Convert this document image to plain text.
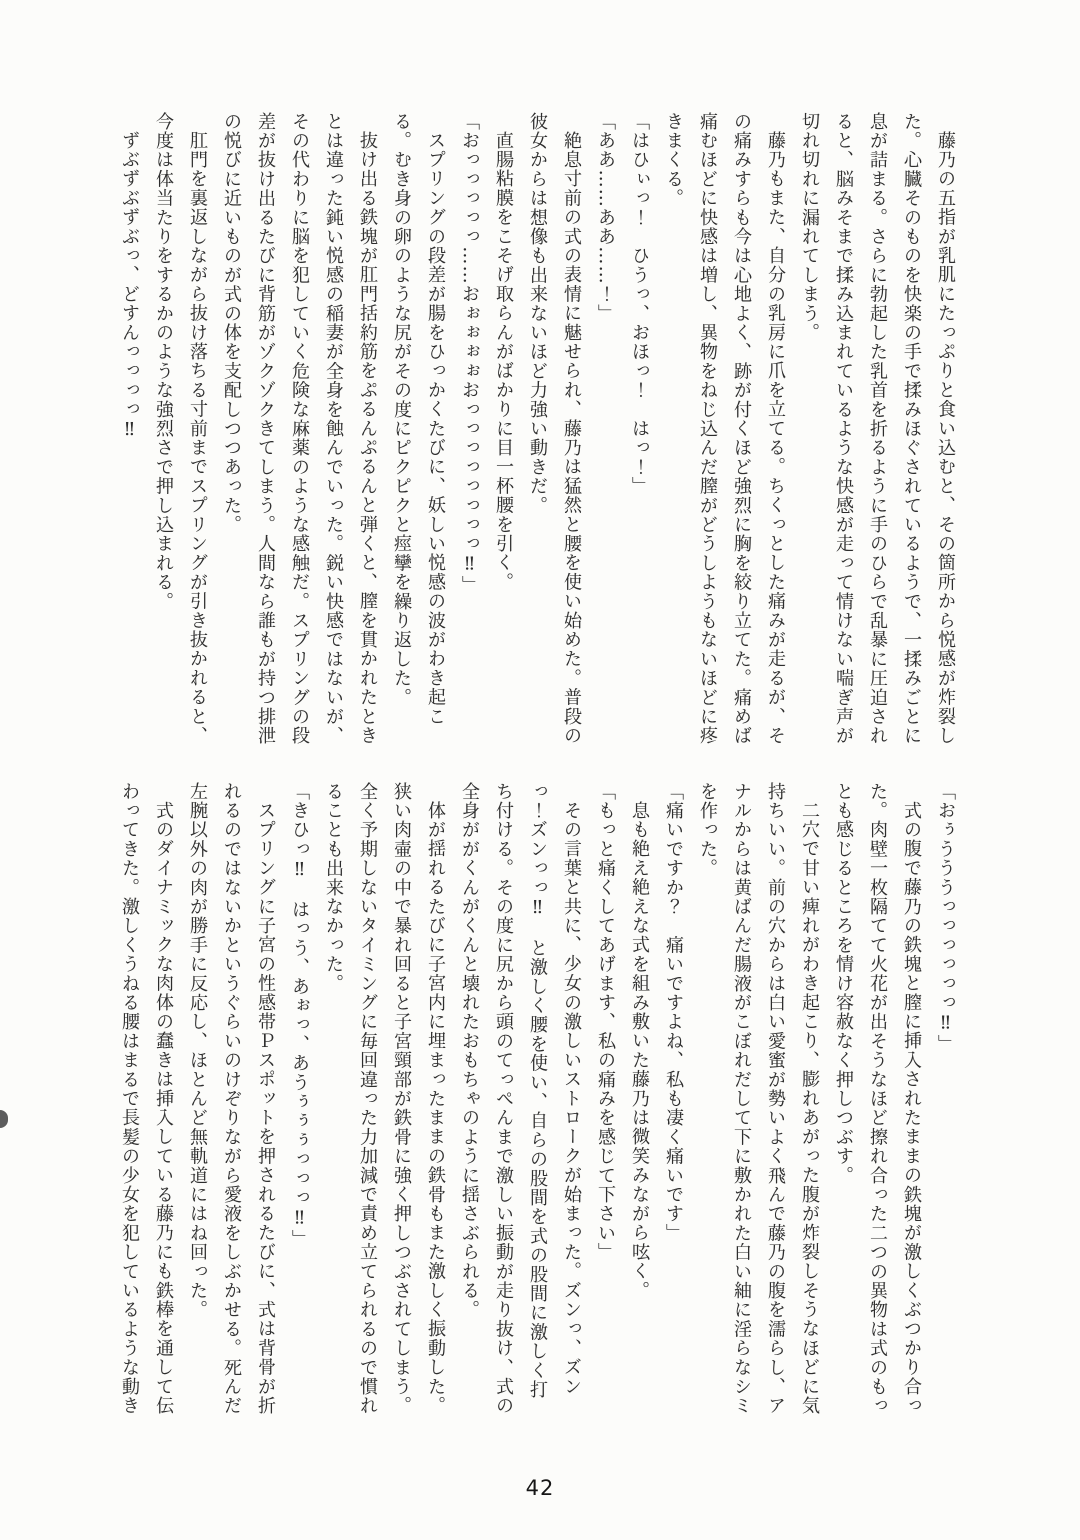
藤乃の五指が乳肌にたっぷりと食い込むと、その箇所から悦感が炸裂した。心臓そのものを快楽の手で揉みほぐされているようで、一揉みごとに息が詰まる。さらに勃起した乳首を折るように手のひらで乱暴に圧迫されると、脳みそまで揉み込まれているような快感が走って情けない喘ぎ声が切れ切れに漏れてしまう。

藤乃もまた、自分の乳房に爪を立てる。ちくっとした痛みが走るが、その痛みすらも今は心地よく、跡が付くほど強烈に胸を絞り立てた。痛めば痛むほどに快感は増し、異物をねじ込んだ膣がどうしようもないほどに疼きまくる。

「はひぃっ！　ひうっ、おほっ！　はっ！」

「ああ……ああ……！」

絶息寸前の式の表情に魅せられ、藤乃は猛然と腰を使い始めた。普段の彼女からは想像も出来ないほど力強い動きだ。

直腸粘膜をこそげ取らんがばかりに目一杯腰を引く。

「おっっっっっ……おぉぉぉぉおっっっっっっっっ‼」

スプリングの段差が腸をひっかくたびに、妖しい悦感の波がわき起こる。むき身の卵のような尻がその度にピクピクと痙攣を繰り返した。

抜け出る鉄塊が肛門括約筋をぷるんぷるんと弾くと、膣を貫かれたときとは違った鈍い悦感の稲妻が全身を蝕んでいった。鋭い快感ではないが、その代わりに脳を犯していく危険な麻薬のような感触だ。スプリングの段差が抜け出るたびに背筋がゾクゾクきてしまう。人間なら誰もが持つ排泄の悦びに近いものが式の体を支配しつつあった。

肛門を裏返しながら抜け落ちる寸前までスプリングが引き抜かれると、今度は体当たりをするかのような強烈さで押し込まれる。

ずぶずぶずぶっ、どすんっっっっ‼

「おぅうううっっっっっっ‼」

式の腹で藤乃の鉄塊と膣に挿入されたままの鉄塊が激しくぶつかり合った。肉壁一枚隔てて火花が出そうなほど擦れ合った二つの異物は式のもっとも感じるところを情け容赦なく押しつぶす。

二穴で甘い痺れがわき起こり、膨れあがった腹が炸裂しそうなほどに気持ちいい。前の穴からは白い愛蜜が勢いよく飛んで藤乃の腹を濡らし、アナルからは黄ばんだ腸液がこぼれだして下に敷かれた白い紬に淫らなシミを作った。

「痛いですか？　痛いですよね、私も凄く痛いです」

息も絶え絶えな式を組み敷いた藤乃は微笑みながら呟く。

「もっと痛くしてあげます、私の痛みを感じて下さい」

その言葉と共に、少女の激しいストロークが始まった。ズンっ、ズンっ！ズンっっ‼　と激しく腰を使い、自らの股間を式の股間に激しく打ち付ける。その度に尻から頭のてっぺんまで激しい振動が走り抜け、式の全身ががくんがくんと壊れたおもちゃのように揺さぶられる。

体が揺れるたびに子宮内に埋まったままの鉄骨もまた激しく振動した。狭い肉壷の中で暴れ回ると子宮頸部が鉄骨に強く押しつぶされてしまう。全く予期しないタイミングに毎回違った力加減で責め立てられるので慣れることも出来なかった。

「きひっ‼　はっう、あぉっ、あうぅぅぅっっっ‼」

スプリングに子宮の性感帯Ｐスポットを押されるたびに、式は背骨が折れるのではないかというぐらいのけぞりながら愛液をしぶかせる。死んだ左腕以外の肉が勝手に反応し、ほとんど無軌道にはね回った。

式のダイナミックな肉体の蠢きは挿入している藤乃にも鉄棒を通して伝わってきた。激しくうねる腰はまるで長髪の少女を犯しているような動き

42
